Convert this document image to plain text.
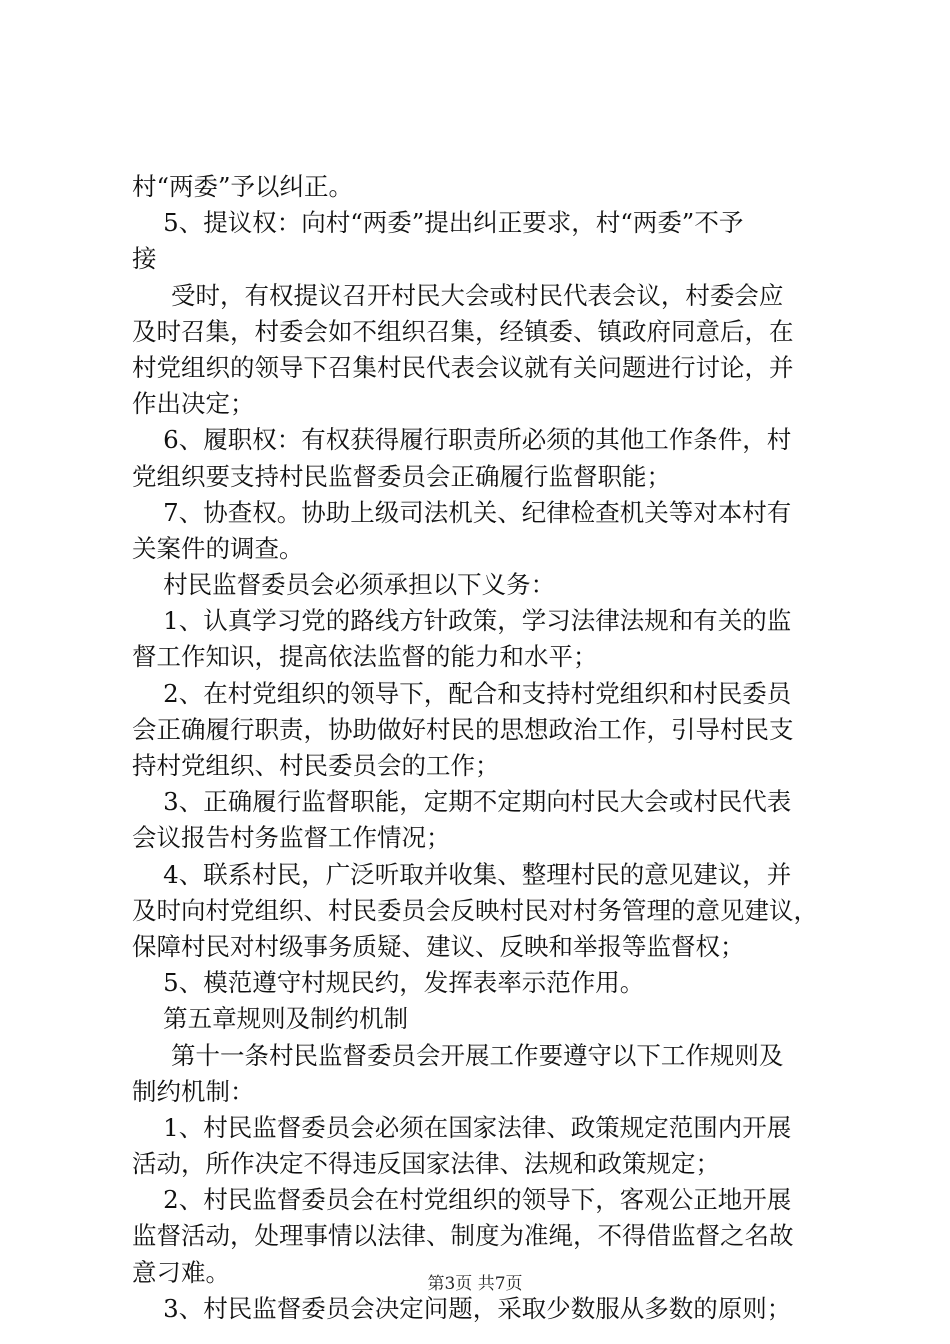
村“两委”予以纠正。
5、提议权：向村“两委”提出纠正要求，村“两委”不予
接
受时，有权提议召开村民大会或村民代表会议，村委会应
及时召集，村委会如不组织召集，经镇委、镇政府同意后，在
村党组织的领导下召集村民代表会议就有关问题进行讨论，并
作出决定；
6、履职权：有权获得履行职责所必须的其他工作条件，村
党组织要支持村民监督委员会正确履行监督职能；
7、协查权。协助上级司法机关、纪律检查机关等对本村有
关案件的调查。
村民监督委员会必须承担以下义务：
1、认真学习党的路线方针政策，学习法律法规和有关的监
督工作知识，提高依法监督的能力和水平；
2、在村党组织的领导下，配合和支持村党组织和村民委员
会正确履行职责，协助做好村民的思想政治工作，引导村民支
持村党组织、村民委员会的工作；
3、正确履行监督职能，定期不定期向村民大会或村民代表
会议报告村务监督工作情况；
4、联系村民，广泛听取并收集、整理村民的意见建议，并
及时向村党组织、村民委员会反映村民对村务管理的意见建议，
保障村民对村级事务质疑、建议、反映和举报等监督权；
5、模范遵守村规民约，发挥表率示范作用。
第五章规则及制约机制
第十一条村民监督委员会开展工作要遵守以下工作规则及
制约机制：
1、村民监督委员会必须在国家法律、政策规定范围内开展
活动，所作决定不得违反国家法律、法规和政策规定；
2、村民监督委员会在村党组织的领导下，客观公正地开展
监督活动，处理事情以法律、制度为准绳，不得借监督之名故
意刁难。
3、村民监督委员会决定问题，采取少数服从多数的原则；
第3页 共7页
